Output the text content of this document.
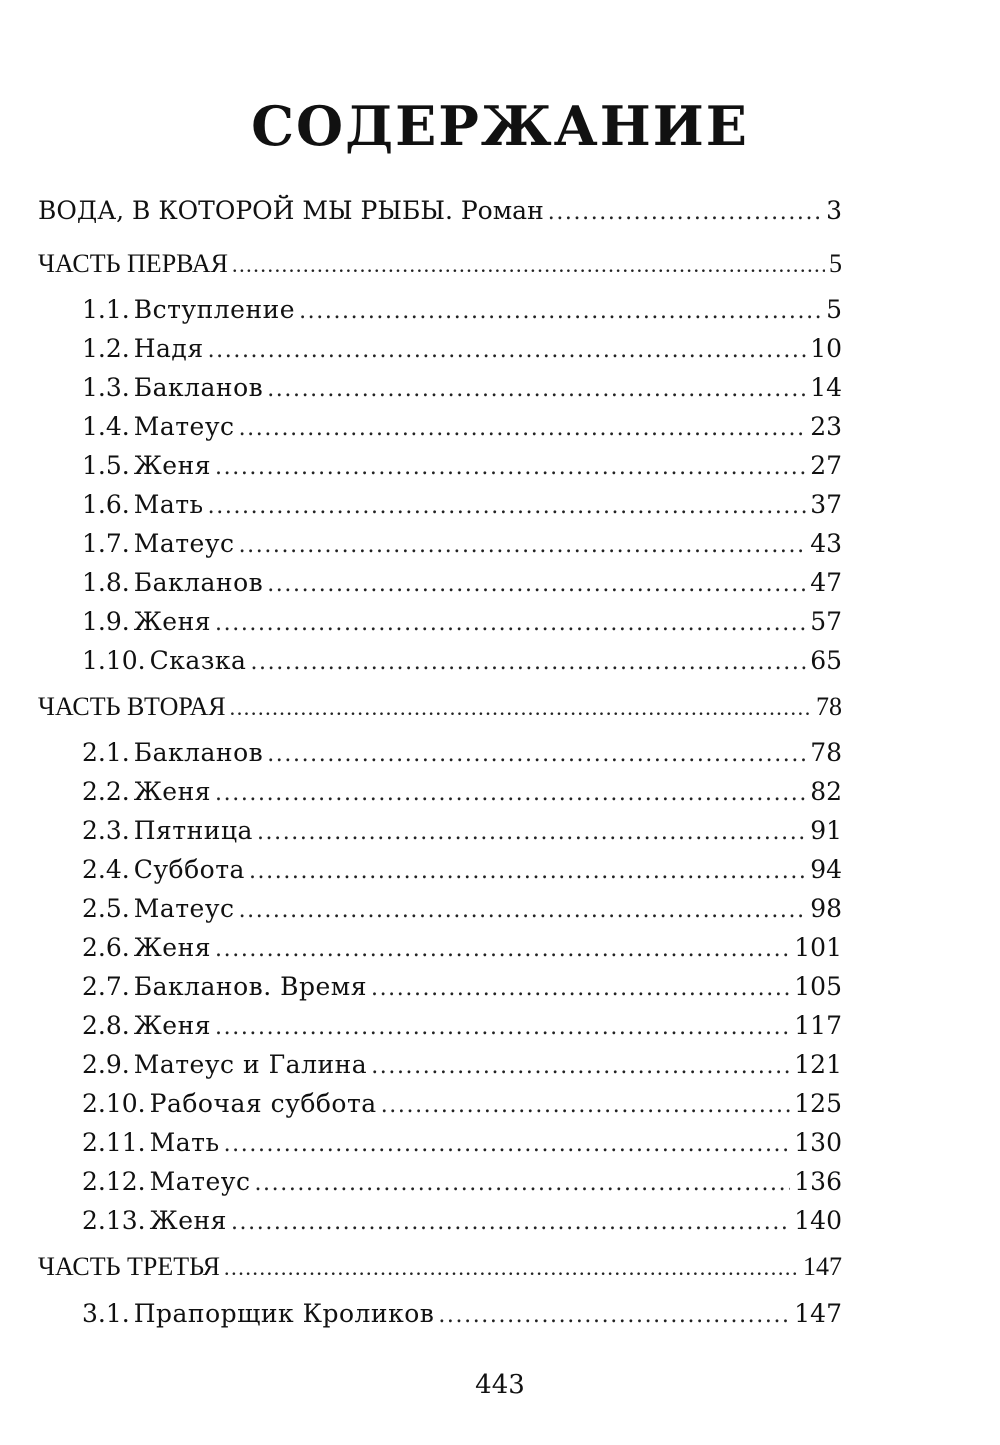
СОДЕРЖАНИЕ
ВОДА, В КОТОРОЙ МЫ РЫБЫ. Роман .....	3
ЧАСТЬ ПЕРВАЯ .....	5
1.1. Вступление .....	5
1.2. Надя .....	10
1.3. Бакланов .....	14
1.4. Матеус .....	23
1.5. Женя .....	27
1.6. Мать .....	37
1.7. Матеус .....	43
1.8. Бакланов .....	47
1.9. Женя .....	57
1.10. Сказка .....	65
ЧАСТЬ ВТОРАЯ .....	78
2.1. Бакланов .....	78
2.2. Женя .....	82
2.3. Пятница .....	91
2.4. Суббота .....	94
2.5. Матеус .....	98
2.6. Женя .....	101
2.7. Бакланов. Время .....	105
2.8. Женя .....	117
2.9. Матеус и Галина .....	121
2.10. Рабочая суббота .....	125
2.11. Мать .....	130
2.12. Матеус .....	136
2.13. Женя .....	140
ЧАСТЬ ТРЕТЬЯ .....	147
3.1. Прапорщик Кроликов .....	147
443
